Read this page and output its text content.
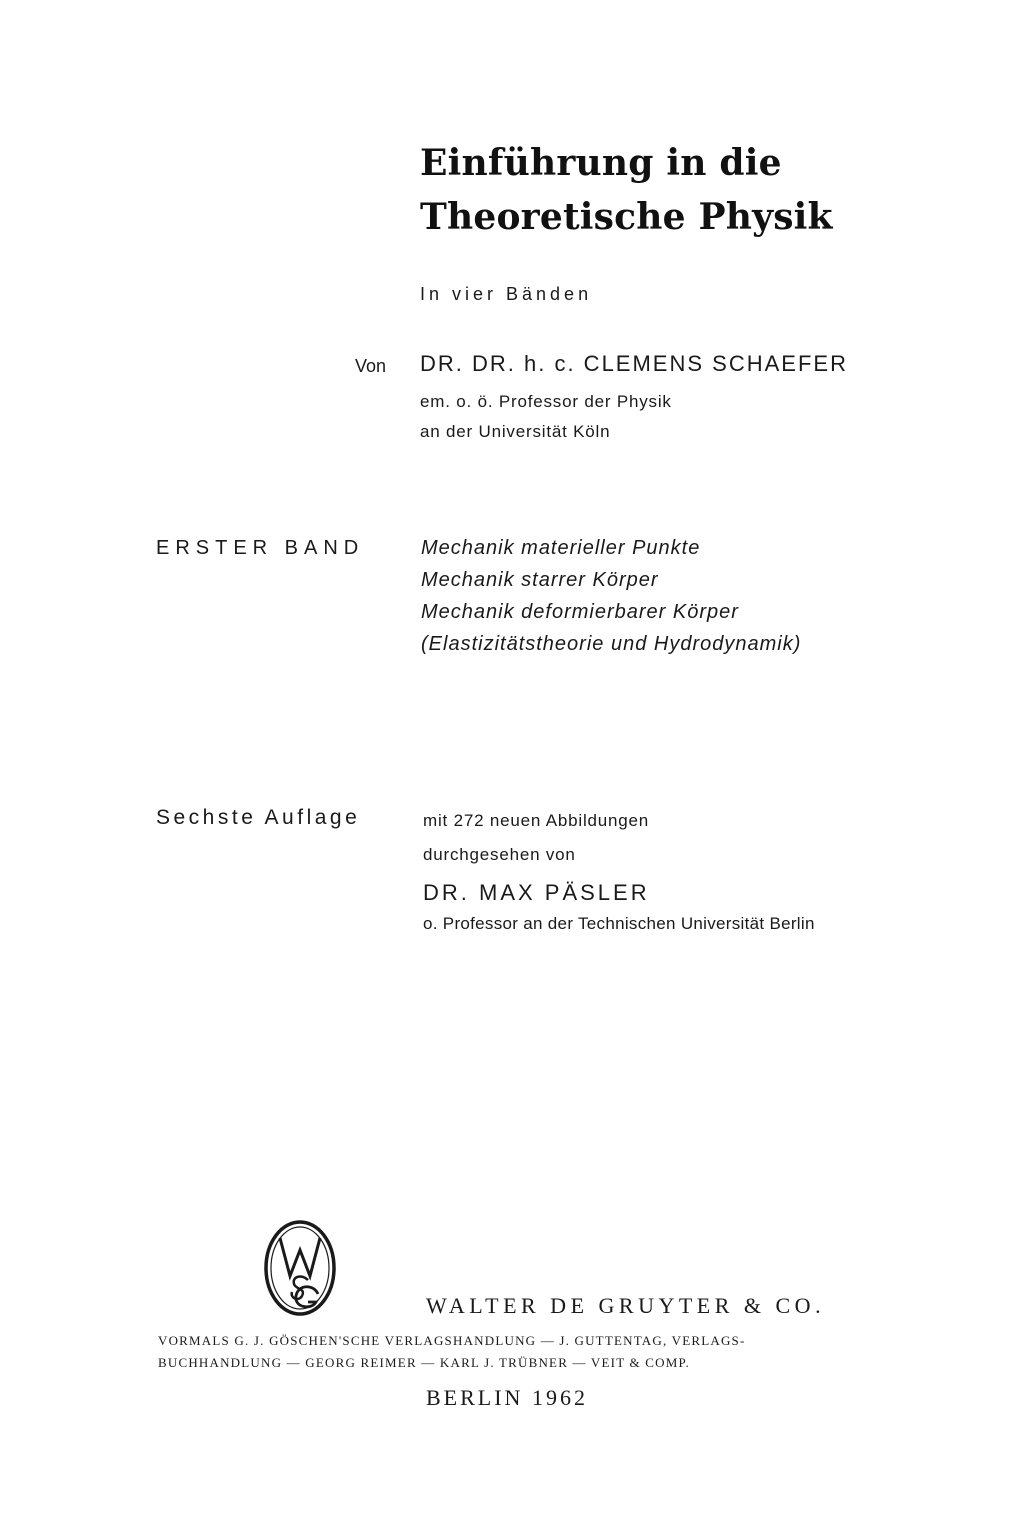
Einführung in die
Theoretische Physik
In vier Bänden
Von DR. DR. h. c. CLEMENS SCHAEFER
em. o. ö. Professor der Physik
an der Universität Köln
ERSTER BAND	Mechanik materieller Punkte
Mechanik starrer Körper
Mechanik deformierbarer Körper
(Elastizitätstheorie und Hydrodynamik)
Sechste Auflage	mit 272 neuen Abbildungen
durchgesehen von
DR. MAX PÄSLER
o. Professor an der Technischen Universität Berlin
WALTER DE GRUYTER & CO.
VORMALS G. J. GÖSCHEN'SCHE VERLAGSHANDLUNG — J. GUTTENTAG, VERLAGS-
BUCHHANDLUNG — GEORG REIMER — KARL J. TRÜBNER — VEIT & COMP.
BERLIN 1962
